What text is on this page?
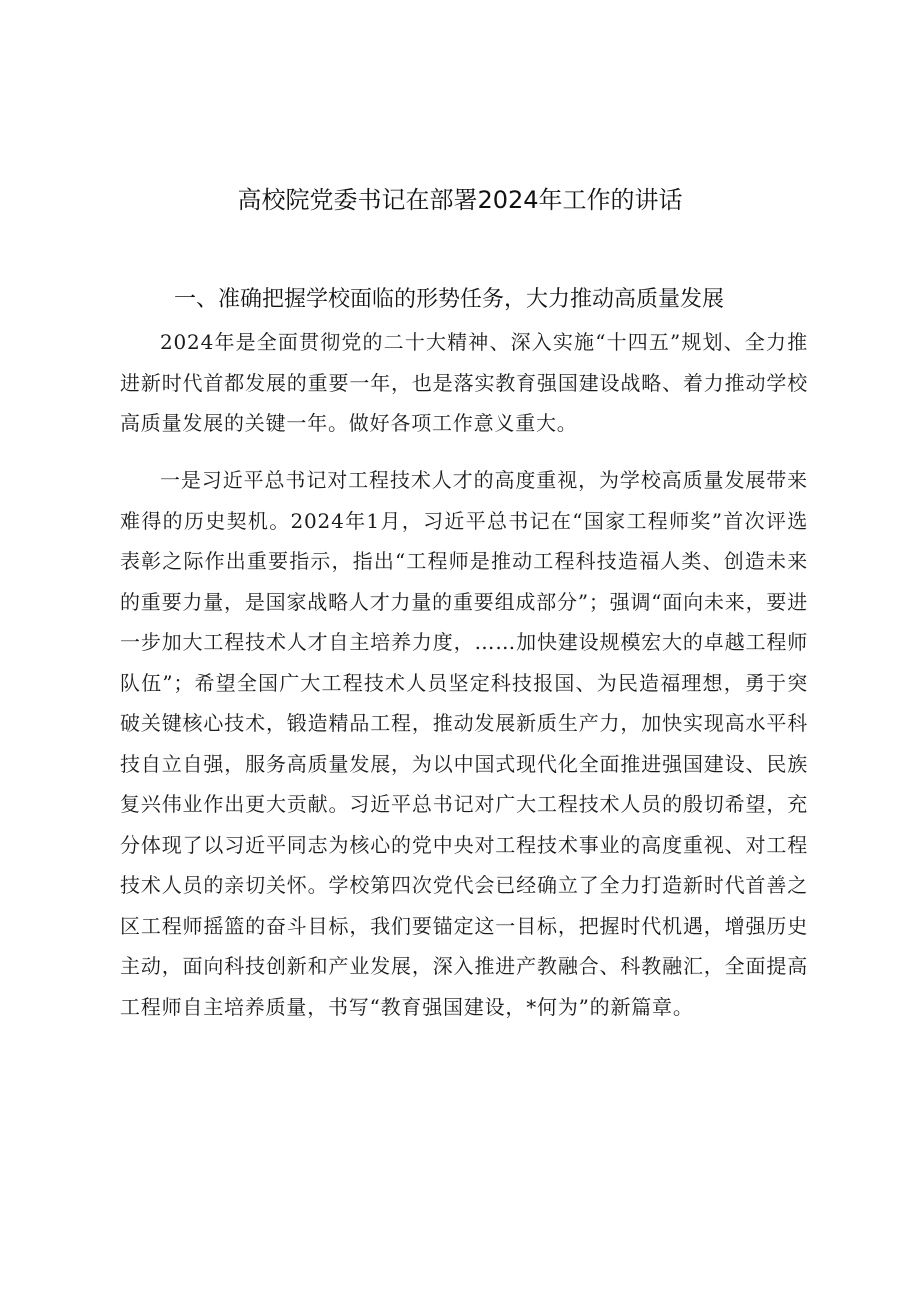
高校院党委书记在部署2024年工作的讲话
一、准确把握学校面临的形势任务，大力推动高质量发展

2024年是全面贯彻党的二十大精神、深入实施“十四五”规划、全力推进新时代首都发展的重要一年，也是落实教育强国建设战略、着力推动学校高质量发展的关键一年。做好各项工作意义重大。

一是习近平总书记对工程技术人才的高度重视，为学校高质量发展带来难得的历史契机。2024年1月，习近平总书记在“国家工程师奖”首次评选表彰之际作出重要指示，指出“工程师是推动工程科技造福人类、创造未来的重要力量，是国家战略人才力量的重要组成部分”；强调“面向未来，要进一步加大工程技术人才自主培养力度，……加快建设规模宏大的卓越工程师队伍”；希望全国广大工程技术人员坚定科技报国、为民造福理想，勇于突破关键核心技术，锻造精品工程，推动发展新质生产力，加快实现高水平科技自立自强，服务高质量发展，为以中国式现代化全面推进强国建设、民族复兴伟业作出更大贡献。习近平总书记对广大工程技术人员的殷切希望，充分体现了以习近平同志为核心的党中央对工程技术事业的高度重视、对工程技术人员的亲切关怀。学校第四次党代会已经确立了全力打造新时代首善之区工程师摇篮的奋斗目标，我们要锚定这一目标，把握时代机遇，增强历史主动，面向科技创新和产业发展，深入推进产教融合、科教融汇，全面提高工程师自主培养质量，书写“教育强国建设，*何为”的新篇章。
